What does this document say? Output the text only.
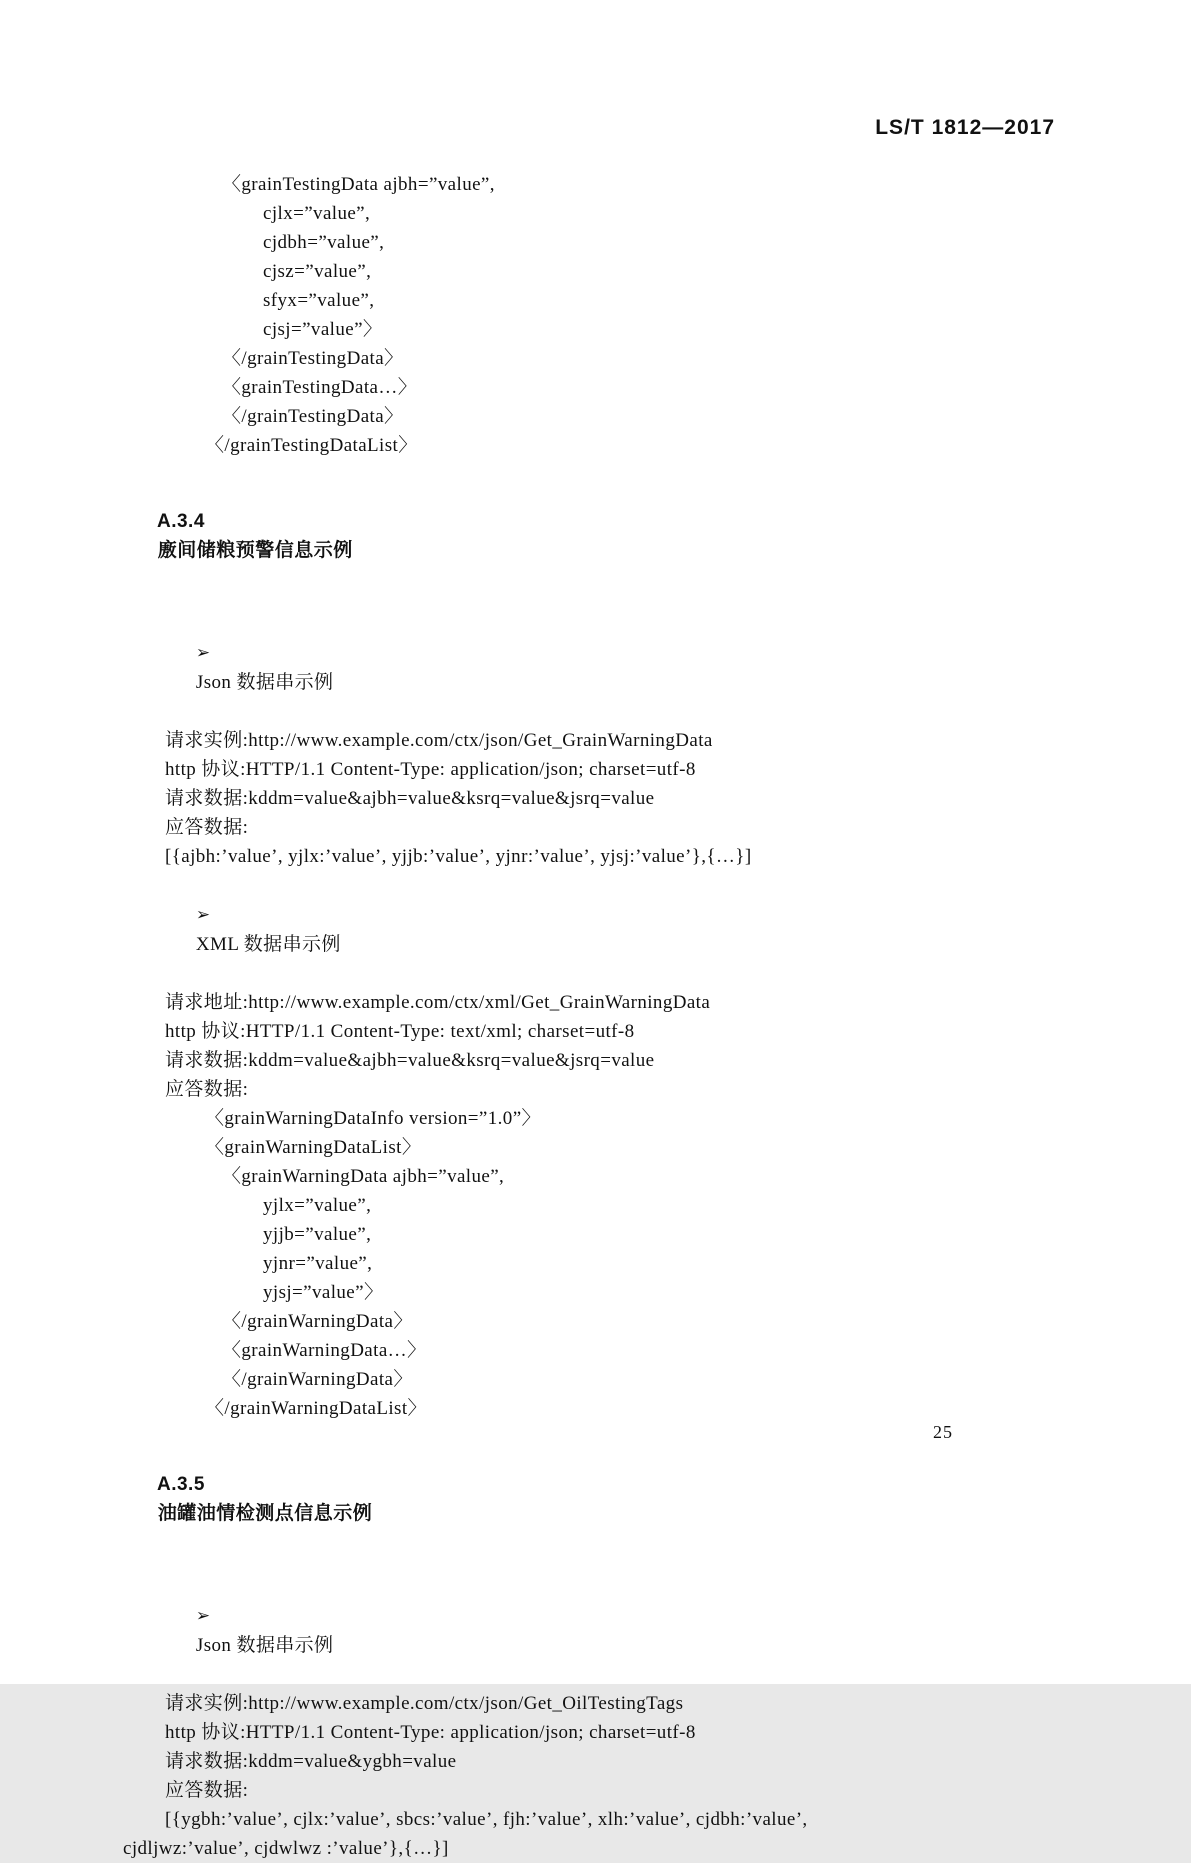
LS/T 1812—2017
〈grainTestingData ajbh=”value”,
cjlx=”value”,
cjdbh=”value”,
cjsz=”value”,
sfyx=”value”,
cjsj=”value”〉
〈/grainTestingData〉
〈grainTestingData…〉
〈/grainTestingData〉
〈/grainTestingDataList〉

A.3.4
廒间储粮预警信息示例

➢
Json 数据串示例

请求实例:http://www.example.com/ctx/json/Get_GrainWarningData
http 协议:HTTP/1.1 Content-Type: application/json; charset=utf-8
请求数据:kddm=value&ajbh=value&ksrq=value&jsrq=value
应答数据:
[{ajbh:’value’, yjlx:’value’, yjjb:’value’, yjnr:’value’, yjsj:’value’},{…}]

➢
XML 数据串示例

请求地址:http://www.example.com/ctx/xml/Get_GrainWarningData
http 协议:HTTP/1.1 Content-Type: text/xml; charset=utf-8
请求数据:kddm=value&ajbh=value&ksrq=value&jsrq=value
应答数据:
〈grainWarningDataInfo version=”1.0”〉
〈grainWarningDataList〉
〈grainWarningData ajbh=”value”,
yjlx=”value”,
yjjb=”value”,
yjnr=”value”,
yjsj=”value”〉
〈/grainWarningData〉
〈grainWarningData…〉
〈/grainWarningData〉
〈/grainWarningDataList〉

A.3.5
油罐油情检测点信息示例

➢
Json 数据串示例

请求实例:http://www.example.com/ctx/json/Get_OilTestingTags
http 协议:HTTP/1.1 Content-Type: application/json; charset=utf-8
请求数据:kddm=value&ygbh=value
应答数据:
[{ygbh:’value’, cjlx:’value’, sbcs:’value’, fjh:’value’, xlh:’value’, cjdbh:’value’,
cjdljwz:’value’, cjdwlwz :’value’},{…}]
25
